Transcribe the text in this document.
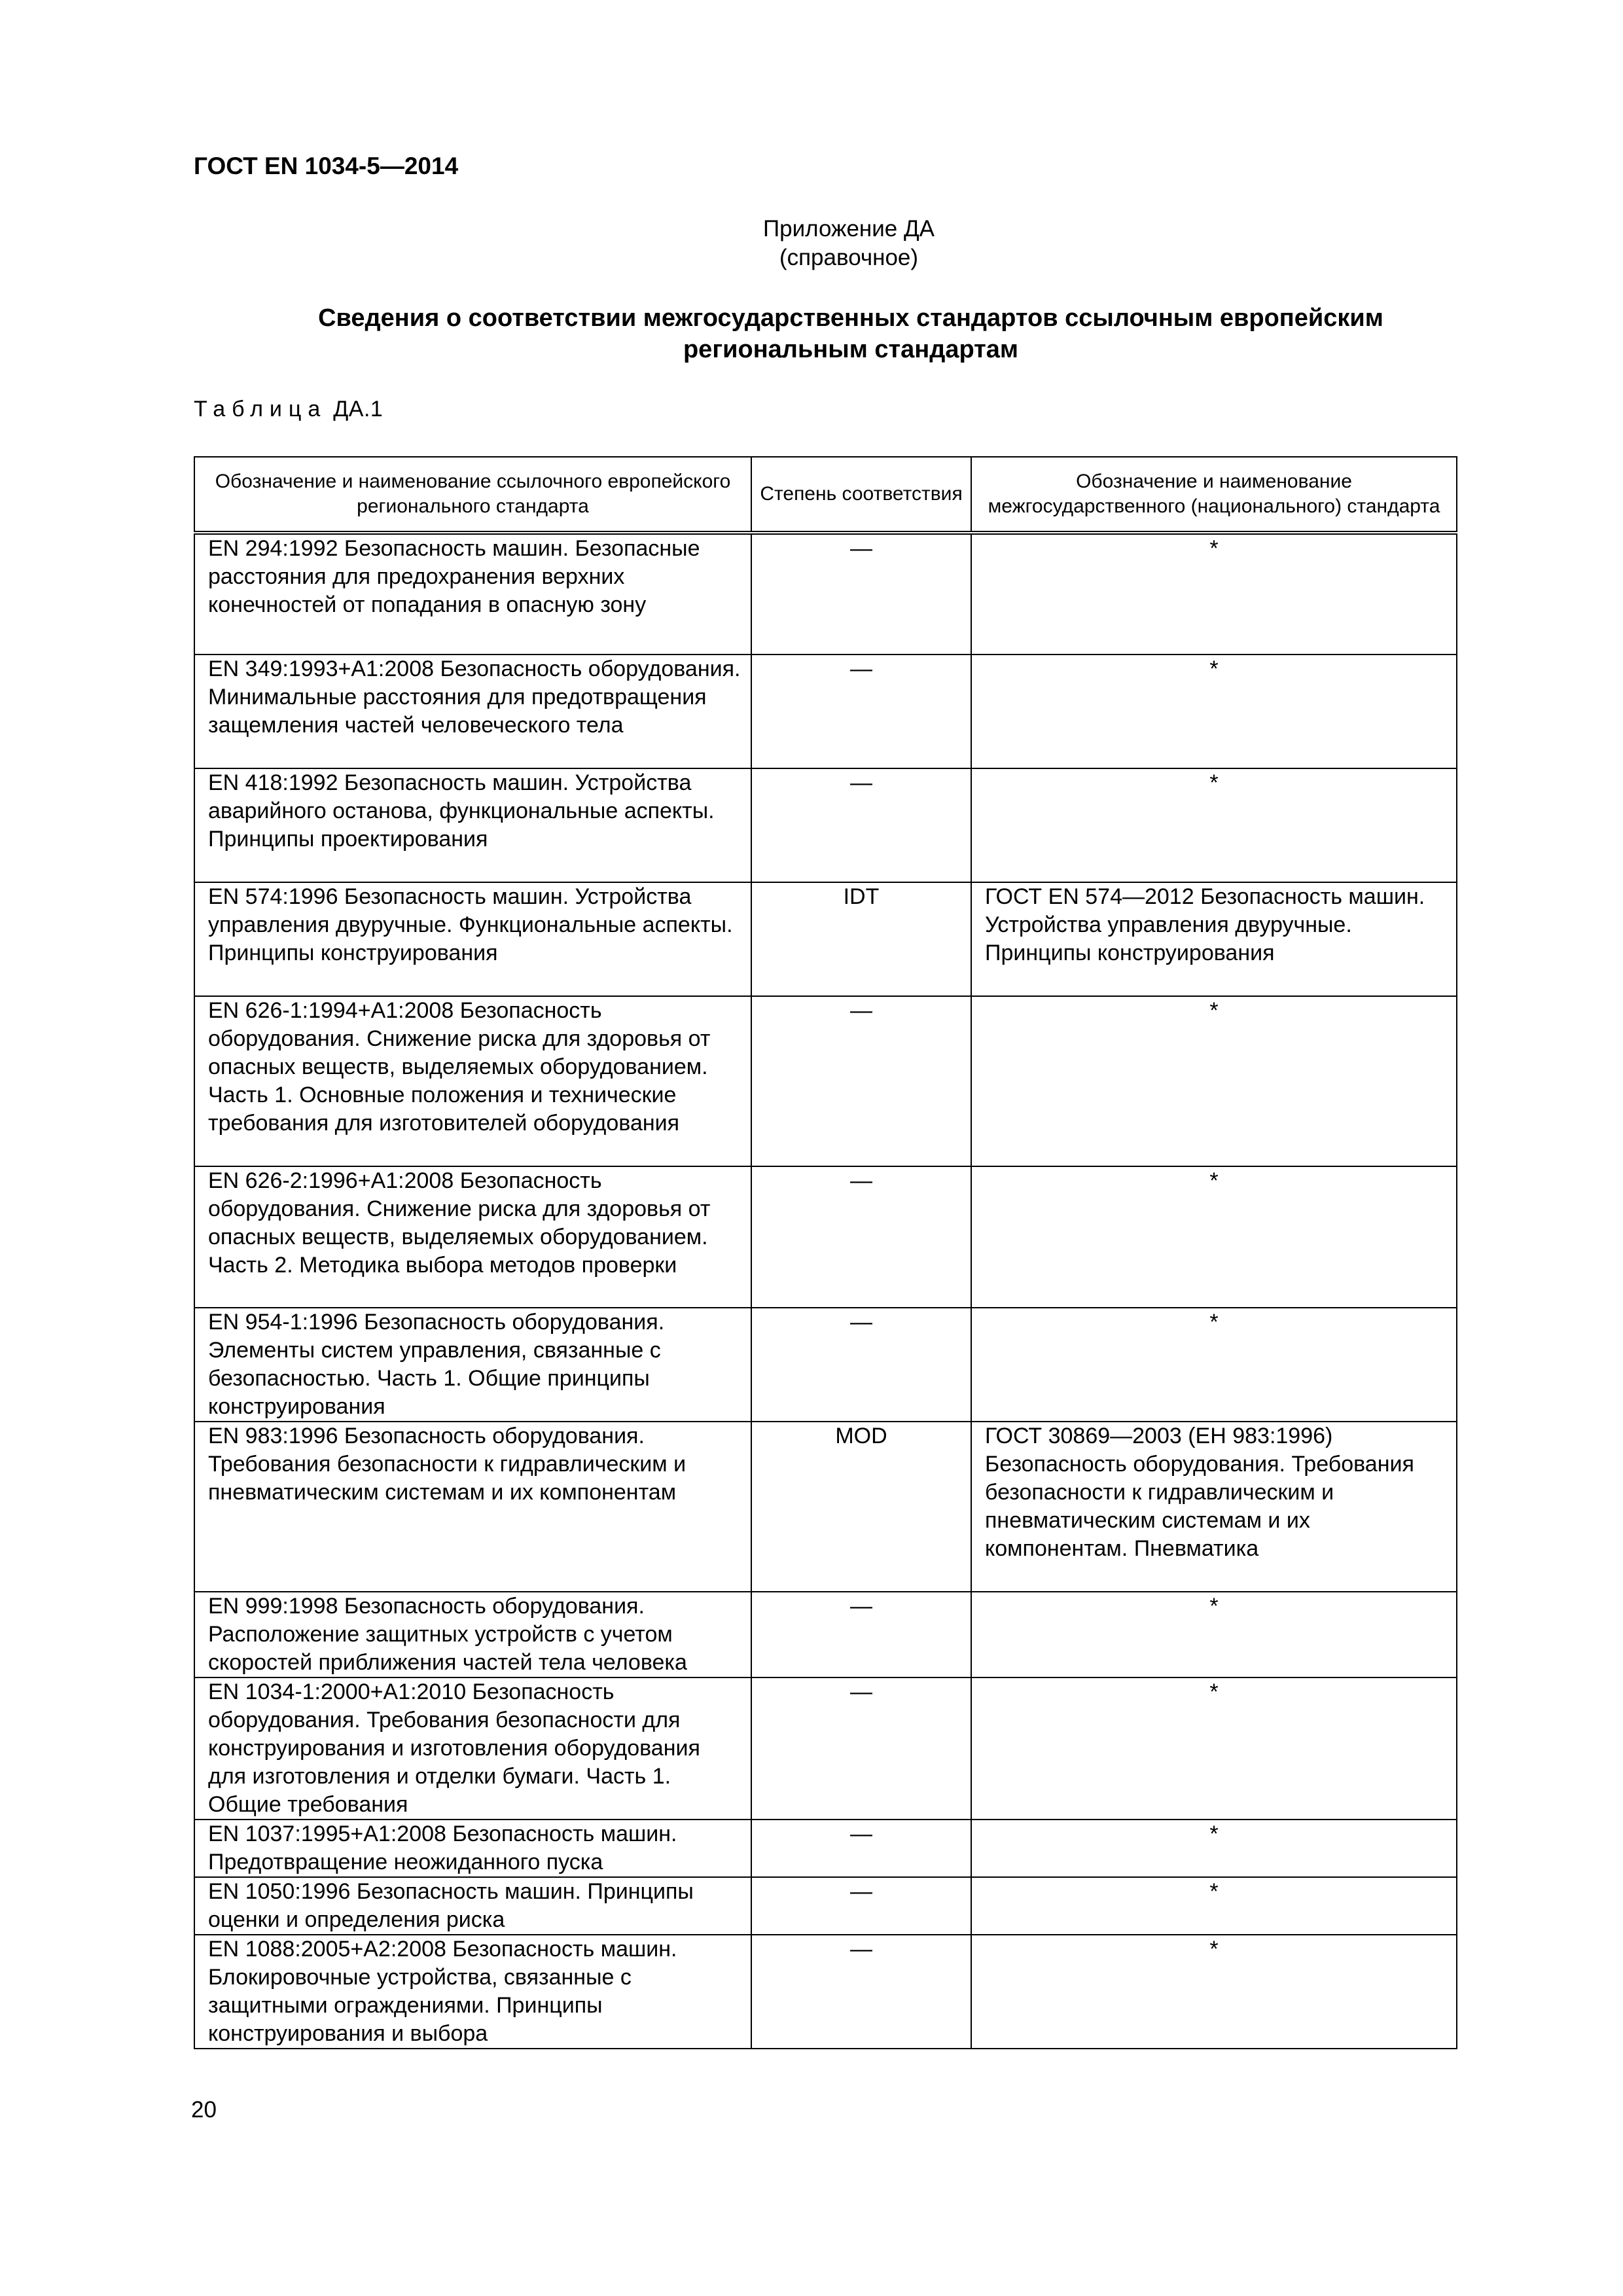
ГОСТ EN 1034-5—2014
Приложение ДА
(справочное)
Сведения о соответствии межгосударственных стандартов ссылочным европейским
региональным стандартам
Таблица ДА.1
Обозначение и наименование ссылочного европейского регионального стандарта	Степень соответствия	Обозначение и наименование межгосударственного (национального) стандарта
EN 294:1992 Безопасность машин. Безопасные расстояния для предохранения верхних конечностей от попадания в опасную зону	—	*
EN 349:1993+A1:2008 Безопасность оборудования. Минимальные расстояния для предотвращения защемления частей человеческого тела	—	*
EN 418:1992 Безопасность машин. Устройства аварийного останова, функциональные аспекты. Принципы проектирования	—	*
EN 574:1996 Безопасность машин. Устройства управления двуручные. Функциональные аспекты. Принципы конструирования	IDT	ГОСТ EN 574—2012 Безопасность машин. Устройства управления двуручные. Принципы конструирования
EN 626-1:1994+A1:2008 Безопасность оборудования. Снижение риска для здоровья от опасных веществ, выделяемых оборудованием. Часть 1. Основные положения и технические требования для изготовителей оборудования	—	*
EN 626-2:1996+A1:2008 Безопасность оборудования. Снижение риска для здоровья от опасных веществ, выделяемых оборудованием. Часть 2. Методика выбора методов проверки	—	*
EN 954-1:1996 Безопасность оборудования. Элементы систем управления, связанные с безопасностью. Часть 1. Общие принципы конструирования	—	*
EN 983:1996 Безопасность оборудования. Требования безопасности к гидравлическим и пневматическим системам и их компонентам	MOD	ГОСТ 30869—2003 (ЕН 983:1996) Безопасность оборудования. Требования безопасности к гидравлическим и пневматическим системам и их компонентам. Пневматика
EN 999:1998 Безопасность оборудования. Расположение защитных устройств с учетом скоростей приближения частей тела человека	—	*
EN 1034-1:2000+A1:2010 Безопасность оборудования. Требования безопасности для конструирования и изготовления оборудования для изготовления и отделки бумаги. Часть 1. Общие требования	—	*
EN 1037:1995+A1:2008 Безопасность машин. Предотвращение неожиданного пуска	—	*
EN 1050:1996 Безопасность машин. Принципы оценки и определения риска	—	*
EN 1088:2005+A2:2008 Безопасность машин. Блокировочные устройства, связанные с защитными ограждениями. Принципы конструирования и выбора	—	*
20
